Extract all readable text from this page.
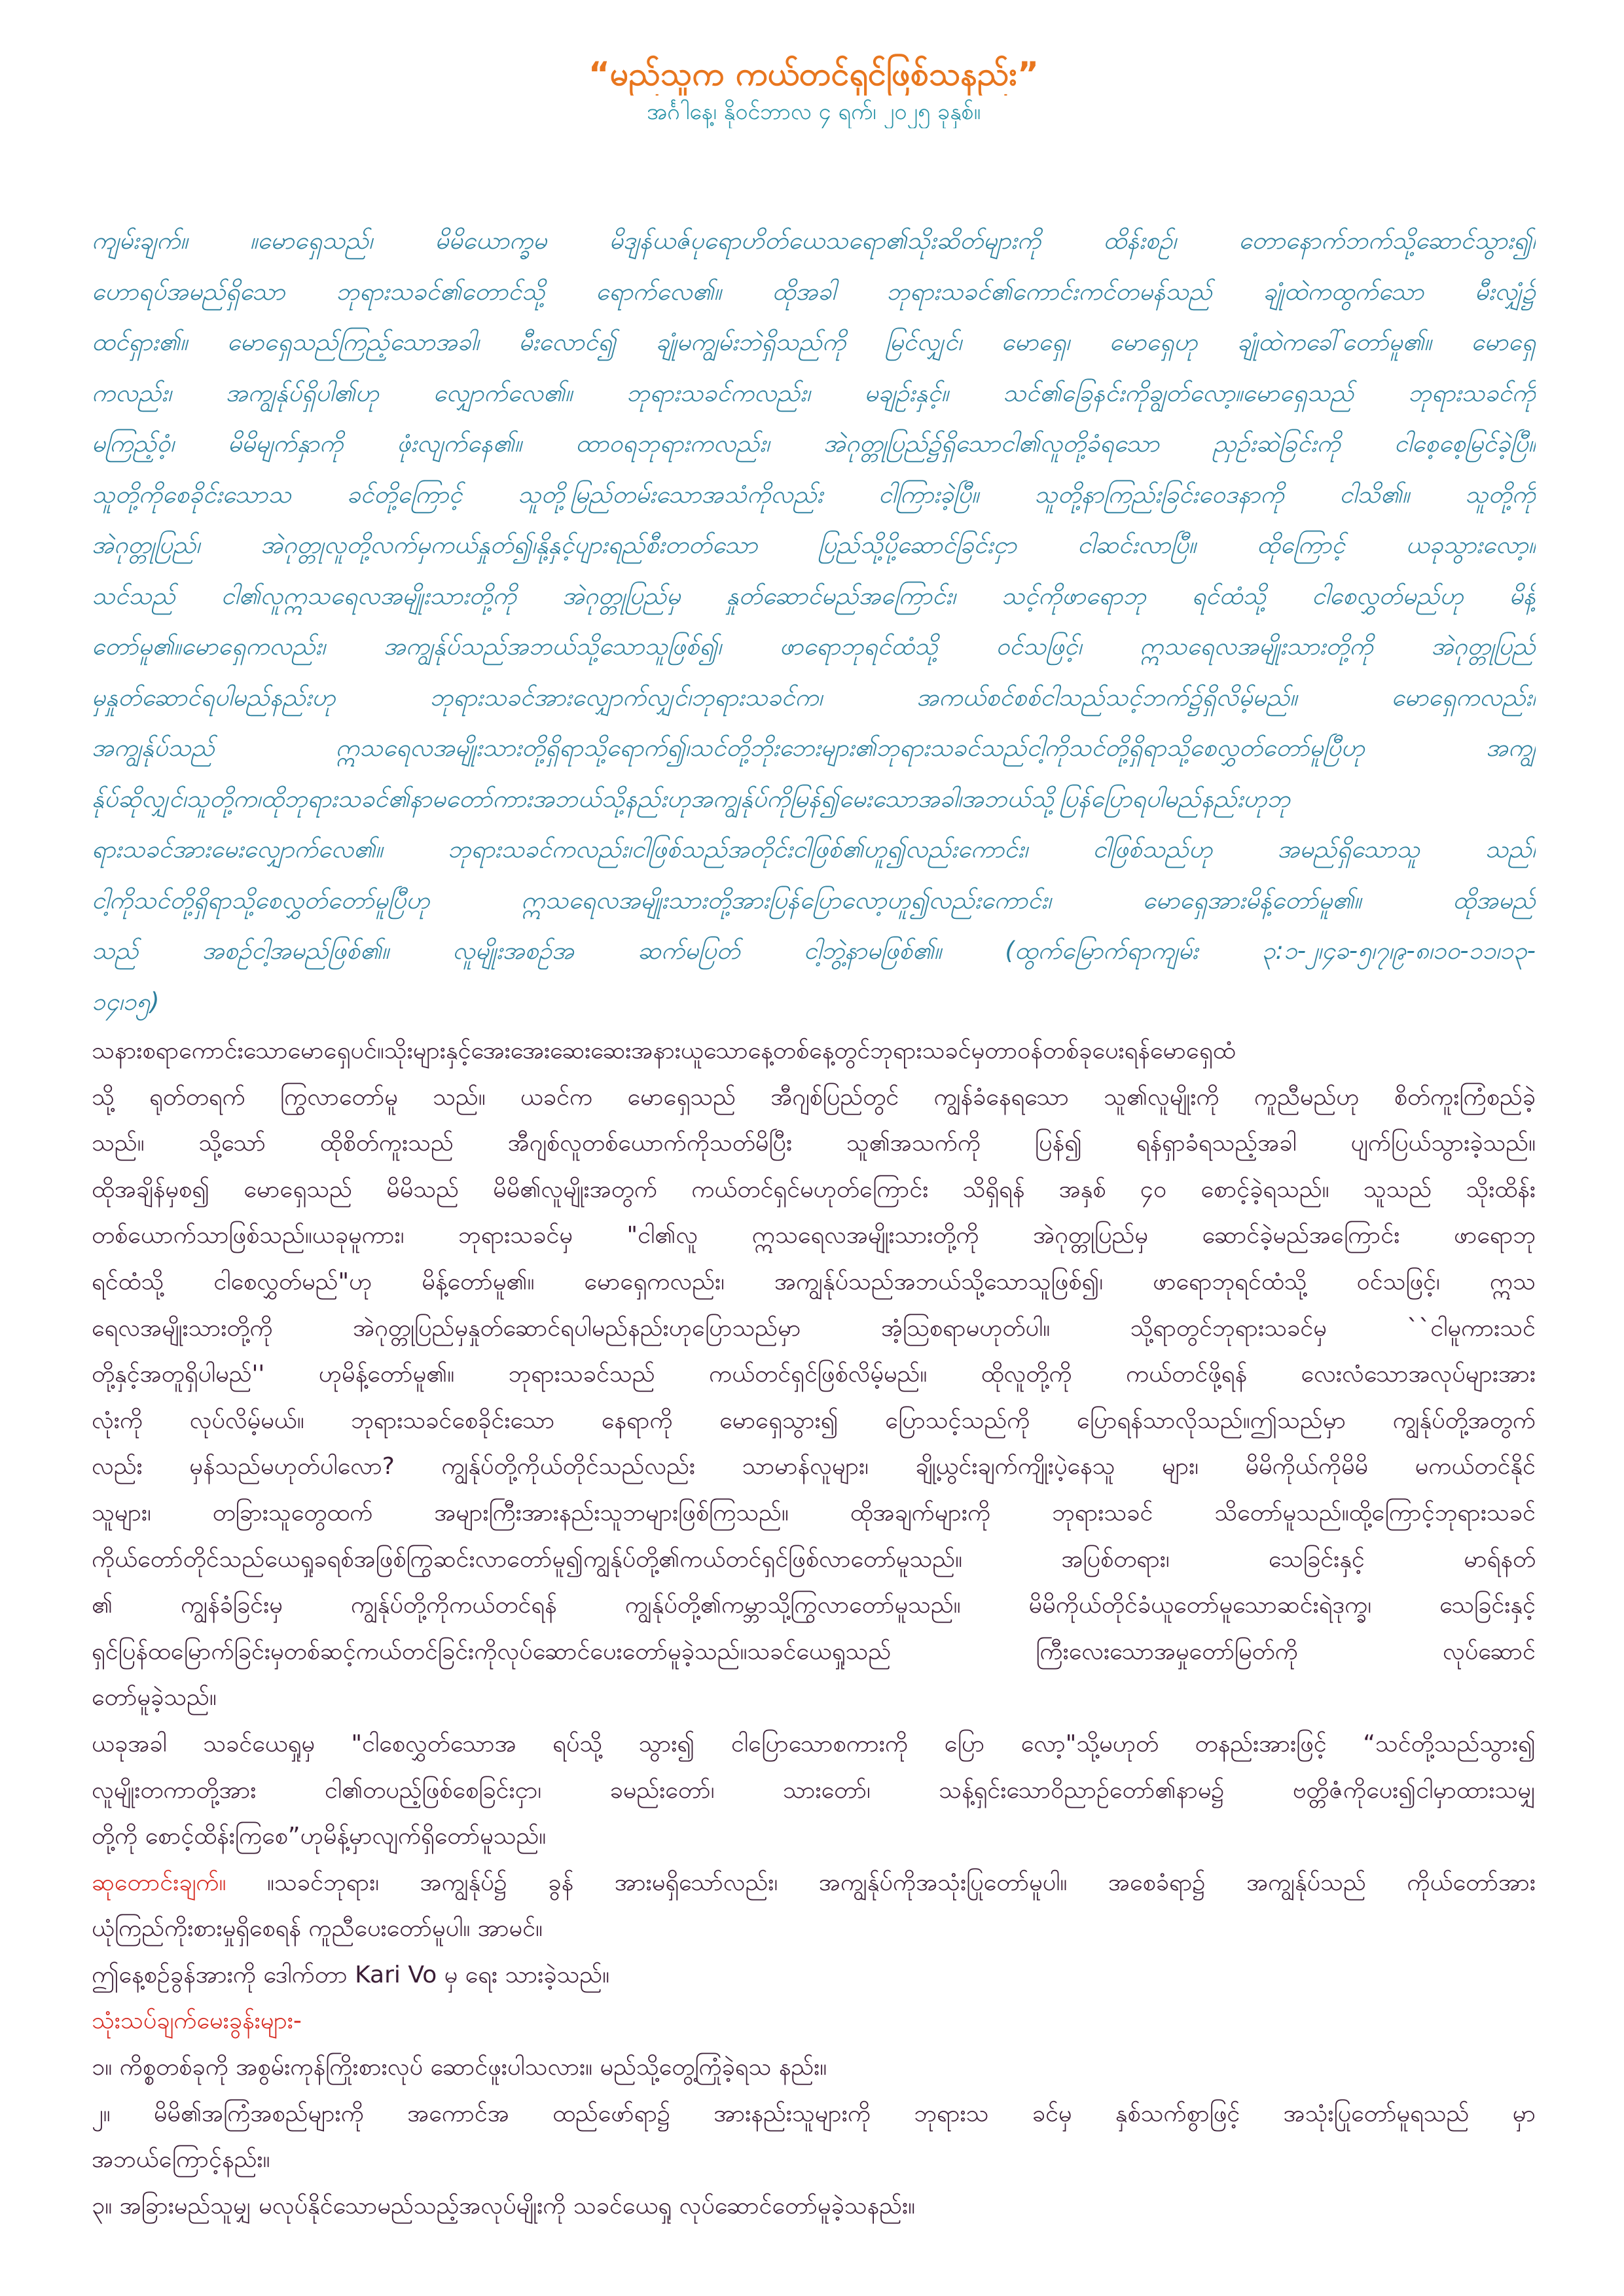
“မည်သူက ကယ်တင်ရှင်ဖြစ်သနည်း”
အင်္ဂါနေ့၊ နိုဝင်ဘာလ ၄ ရက်၊ ၂၀၂၅ ခုနှစ်။
ကျမ်းချက်။ ။မောရှေသည်၊ မိမိယောက္ခမ မိဒျန်ယဇ်ပုရောဟိတ်ယေသရော၏သိုးဆိတ်များကို ထိန်းစဉ်၊ တောနောက်ဘက်သို့ဆောင်သွား၍၊
ဟောရပ်အမည်ရှိသော ဘုရားသခင်၏တောင်သို့ ရောက်လေ၏။ ထိုအခါ ဘုရားသခင်၏ကောင်းကင်တမန်သည် ချုံထဲကထွက်သော မီးလျှံ၌
ထင်ရှား၏။ မောရှေသည်ကြည့်သောအခါ၊ မီးလောင်၍ ချုံမကျွမ်းဘဲရှိသည်ကို မြင်လျှင်၊ မောရှေ၊ မောရှေဟု ချုံထဲကခေါ်တော်မူ၏။ မောရှေ
ကလည်း၊ အကျွန်ုပ်ရှိပါ၏ဟု လျှောက်လေ၏။ ဘုရားသခင်ကလည်း၊ မချဉ်းနှင့်။ သင်၏ခြေနင်းကိုချွတ်လော့။မောရှေသည် ဘုရားသခင်ကို
မကြည့်ဝံ့၊ မိမိမျက်နှာကို ဖုံးလျက်နေ၏။ ထာဝရဘုရားကလည်း၊ အဲဂုတ္တုပြည်၌ရှိသောငါ၏လူတို့ခံရသော ညှဉ်းဆဲခြင်းကို ငါစေ့စေ့မြင်ခဲ့ပြီ။
သူတို့ကိုစေခိုင်းသောသ ခင်တို့ကြောင့် သူတို့မြည်တမ်းသောအသံကိုလည်း ငါကြားခဲ့ပြီ။ သူတို့နာကြည်းခြင်းဝေဒနာကို ငါသိ၏။ သူတို့ကို
အဲဂုတ္တုပြည်၊ အဲဂုတ္တုလူတို့လက်မှကယ်နှုတ်၍၊နို့နှင့်ပျားရည်စီးတတ်သော ပြည်သို့ပို့ဆောင်ခြင်းငှာ ငါဆင်းလာပြီ။ ထိုကြောင့် ယခုသွားလော့။
သင်သည် ငါ၏လူဣသရေလအမျိုးသားတို့ကို အဲဂုတ္တုပြည်မှ နှုတ်ဆောင်မည်အကြောင်း၊ သင့်ကိုဖာရောဘု ရင်ထံသို့ ငါစေလွှတ်မည်ဟု မိန့်
တော်မူ၏။မောရှေကလည်း၊ အကျွန်ုပ်သည်အဘယ်သို့သောသူဖြစ်၍၊ ဖာရောဘုရင်ထံသို့ ဝင်သဖြင့်၊ ဣသရေလအမျိုးသားတို့ကို အဲဂုတ္တုပြည်
မှနှုတ်ဆောင်ရပါမည်နည်းဟု ဘုရားသခင်အားလျှောက်လျှင်၊ဘုရားသခင်က၊ အကယ်စင်စစ်ငါသည်သင့်ဘက်၌ရှိလိမ့်မည်။ မောရှေကလည်း၊
အကျွန်ုပ်သည် ဣသရေလအမျိုးသားတို့ရှိရာသို့ရောက်၍၊သင်တို့ဘိုးဘေးများ၏ဘုရားသခင်သည်ငါ့ကိုသင်တို့ရှိရာသို့စေလွှတ်တော်မူပြီဟု အကျွ
န်ုပ်ဆိုလျှင်၊သူတို့က၊ထိုဘုရားသခင်၏နာမတော်ကားအဘယ်သို့နည်းဟုအကျွန်ုပ်ကိုမြန်၍မေးသောအခါ၊အဘယ်သို့ပြန်ပြောရပါမည်နည်းဟုဘု
ရားသခင်အားမေးလျှောက်လေ၏။ ဘုရားသခင်ကလည်း၊ငါဖြစ်သည်အတိုင်းငါဖြစ်၏ဟူ၍လည်းကောင်း၊ ငါဖြစ်သည်ဟု အမည်ရှိသောသူ သည်၊
ငါ့ကိုသင်တို့ရှိရာသို့စေလွှတ်တော်မူပြီဟု ဣသရေလအမျိုးသားတို့အားပြန်ပြောလော့ဟူ၍လည်းကောင်း၊ မောရှေအားမိန့်တော်မူ၏။ ထိုအမည်
သည် အစဉ်ငါ့အမည်ဖြစ်၏။ လူမျိုးအစဉ်အ ဆက်မပြတ် ငါ့ဘွဲ့နာမဖြစ်၏။ (ထွက်မြောက်ရာကျမ်း ၃:၁-၂၊၄ခ-၅၊၇၊၉-၈၊၁၀-၁၁၊၁၃-
၁၄၊၁၅)
သနားစရာကောင်းသောမောရှေပင်။သိုးများနှင့်အေးအေးဆေးဆေးအနားယူသောနေ့တစ်နေ့တွင်ဘုရားသခင်မှတာဝန်တစ်ခုပေးရန်မောရှေထံ
သို့ ရုတ်တရက် ကြွလာတော်မူ သည်။ ယခင်က မောရှေသည် အီဂျစ်ပြည်တွင် ကျွန်ခံနေရသော သူ၏လူမျိုးကို ကူညီမည်ဟု စိတ်ကူးကြံစည်ခဲ့
သည်။ သို့သော် ထိုစိတ်ကူးသည် အီဂျစ်လူတစ်ယောက်ကိုသတ်မိပြီး သူ၏အသက်ကို ပြန်၍ ရန်ရှာခံရသည့်အခါ ပျက်ပြယ်သွားခဲ့သည်။
ထိုအချိန်မှစ၍ မောရှေသည် မိမိသည် မိမိ၏လူမျိုးအတွက် ကယ်တင်ရှင်မဟုတ်ကြောင်း သိရှိရန် အနှစ် ၄၀ စောင့်ခဲ့ရသည်။ သူသည် သိုးထိန်း
တစ်ယောက်သာဖြစ်သည်။ယခုမူကား၊ ဘုရားသခင်မှ "ငါ၏လူ ဣသရေလအမျိုးသားတို့ကို အဲဂုတ္တုပြည်မှ ဆောင်ခဲ့မည်အကြောင်း ဖာရောဘု
ရင်ထံသို့ ငါစေလွှတ်မည်"ဟု မိန့်တော်မူ၏။ မောရှေကလည်း၊ အကျွန်ုပ်သည်အဘယ်သို့သောသူဖြစ်၍၊ ဖာရောဘုရင်ထံသို့ ဝင်သဖြင့်၊ ဣသ
ရေလအမျိုးသားတို့ကို အဲဂုတ္တုပြည်မှနှုတ်ဆောင်ရပါမည်နည်းဟုပြောသည်မှာ အံ့သြစရာမဟုတ်ပါ။ သို့ရာတွင်ဘုရားသခင်မှ ``ငါမူကားသင်
တို့နှင့်အတူရှိပါမည်'' ဟုမိန့်တော်မူ၏။ ဘုရားသခင်သည် ကယ်တင်ရှင်ဖြစ်လိမ့်မည်။ ထိုလူတို့ကို ကယ်တင်ဖို့ရန် လေးလံသောအလုပ်များအား
လုံးကို လုပ်လိမ့်မယ်။ ဘုရားသခင်စေခိုင်းသော နေရာကို မောရှေသွား၍ ပြောသင့်သည်ကို ပြောရန်သာလိုသည်။ဤသည်မှာ ကျွန်ုပ်တို့အတွက်
လည်း မှန်သည်မဟုတ်ပါလော? ကျွန်ုပ်တို့ကိုယ်တိုင်သည်လည်း သာမာန်လူများ၊ ချို့ယွင်းချက်ကျိုးပဲ့နေသူ များ၊ မိမိကိုယ်ကိုမိမိ မကယ်တင်နိုင်
သူများ၊ တခြားသူတွေထက် အများကြီးအားနည်းသူဘများဖြစ်ကြသည်။ ထိုအချက်များကို ဘုရားသခင် သိတော်မူသည်။ထို့ကြောင့်ဘုရားသခင်
ကိုယ်တော်တိုင်သည်ယေရှုခရစ်အဖြစ်ကြွဆင်းလာတော်မူ၍ကျွန်ုပ်တို့၏ကယ်တင်ရှင်ဖြစ်လာတော်မူသည်။ အပြစ်တရား၊ သေခြင်းနှင့် မာရ်နတ်
၏ ကျွန်ခံခြင်းမှ ကျွန်ုပ်တို့ကိုကယ်တင်ရန် ကျွန်ုပ်တို့၏ကမ္ဘာသို့ကြွလာတော်မူသည်။ မိမိကိုယ်တိုင်ခံယူတော်မူသောဆင်းရဲဒုက္ခ၊ သေခြင်းနှင့်
ရှင်ပြန်ထမြောက်ခြင်းမှတစ်ဆင့်ကယ်တင်ခြင်းကိုလုပ်ဆောင်ပေးတော်မူခဲ့သည်။သခင်ယေရှုသည် ကြီးလေးသောအမှုတော်မြတ်ကို လုပ်ဆောင်
တော်မူခဲ့သည်။
ယခုအခါ သခင်ယေရှုမှ "ငါစေလွှတ်သောအ ရပ်သို့ သွား၍ ငါပြောသောစကားကို ပြော လော့"သို့မဟုတ် တနည်းအားဖြင့် “သင်တို့သည်သွား၍
လူမျိုးတကာတို့အား ငါ၏တပည့်ဖြစ်စေခြင်းငှာ၊ ခမည်းတော်၊ သားတော်၊ သန့်ရှင်းသောဝိညာဉ်တော်၏နာမ၌ ဗတ္တိဇံကိုပေး၍ငါမှာထားသမျှ
တို့ကို စောင့်ထိန်းကြစေ”ဟုမိန့်မှာလျက်ရှိတော်မူသည်။
ဆုတောင်းချက်။ ။သခင်ဘုရား၊ အကျွန်ုပ်၌ ခွန် အားမရှိသော်လည်း၊ အကျွန်ုပ်ကိုအသုံးပြုတော်မူပါ။ အစေခံရာ၌ အကျွန်ုပ်သည် ကိုယ်တော်အား
ယုံကြည်ကိုးစားမှုရှိစေရန် ကူညီပေးတော်မူပါ။ အာမင်။
ဤနေ့စဉ်ခွန်အားကို ဒေါက်တာ Kari Vo မှ ရေး သားခဲ့သည်။
သုံးသပ်ချက်မေးခွန်းများ-
၁။ ကိစ္စတစ်ခုကို အစွမ်းကုန်ကြိုးစားလုပ် ဆောင်ဖူးပါသလား။ မည်သို့တွေ့ကြုံခဲ့ရသ နည်း။
၂။ မိမိ၏အကြံအစည်များကို အကောင်အ ထည်ဖော်ရာ၌ အားနည်းသူများကို ဘုရားသ ခင်မှ နှစ်သက်စွာဖြင့် အသုံးပြုတော်မူရသည် မှာ
အဘယ်ကြောင့်နည်း။
၃။ အခြားမည်သူမျှ မလုပ်နိုင်သောမည်သည့်အလုပ်မျိုးကို သခင်ယေရှု လုပ်ဆောင်တော်မူခဲ့သနည်း။
